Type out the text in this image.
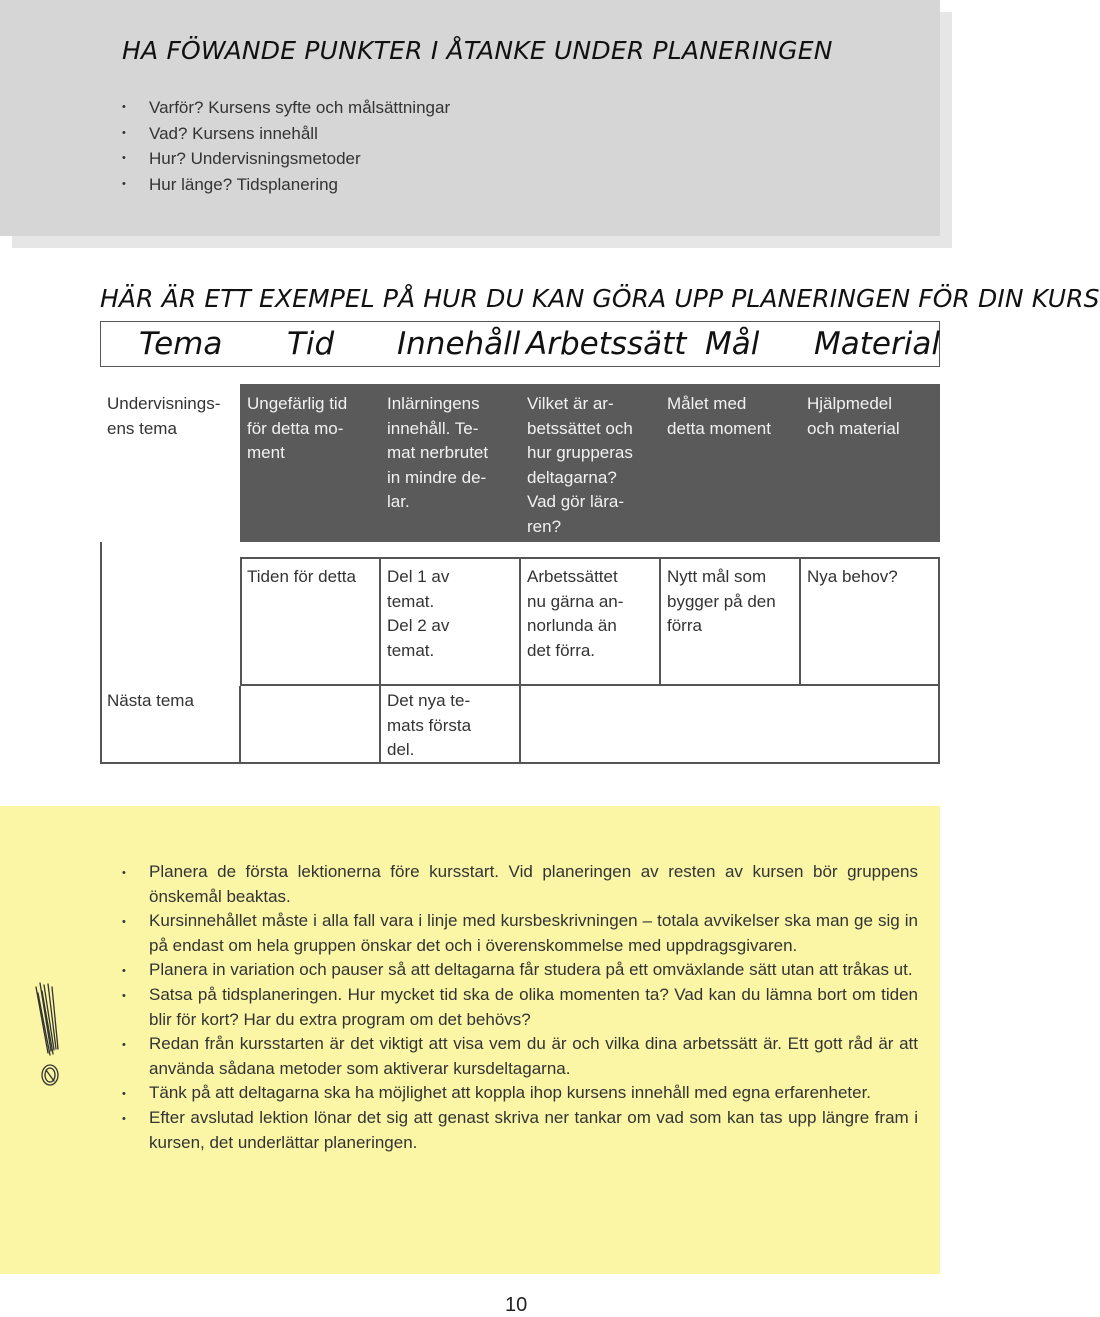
HA FÖWANDE PUNKTER I ÅTANKE UNDER PLANERINGEN
• Varför? Kursens syfte och målsättningar
• Vad? Kursens innehåll
• Hur? Undervisningsmetoder
• Hur länge? Tidsplanering
HÄR ÄR ETT EXEMPEL PÅ HUR DU KAN GÖRA UPP PLANERINGEN FÖR DIN KURS
Tema Tid Innehåll Arbetssätt Mål Material
Undervisnings-
ens tema
Ungefärlig tid
för detta mo-
ment
Inlärningens
innehåll. Te-
mat nerbrutet
in mindre de-
lar.
Vilket är ar-
betssättet och
hur grupperas
deltagarna?
Vad gör lära-
ren?
Målet med
detta moment
Hjälpmedel
och material
Tiden för detta	Del 1 av
temat.
Del 2 av
temat.
Arbetssättet
nu gärna an-
norlunda än
det förra.
Nytt mål som
bygger på den
förra
Nya behov?
Nästa tema	Det nya te-
mats första
del.
• Planera de första lektionerna före kursstart. Vid planeringen av resten av kursen bör gruppens önskemål beaktas.
• Kursinnehållet måste i alla fall vara i linje med kursbeskrivningen – totala avvikelser ska man ge sig in på endast om hela gruppen önskar det och i överenskommelse med uppdragsgivaren.
• Planera in variation och pauser så att deltagarna får studera på ett omväxlande sätt utan att tråkas ut.
• Satsa på tidsplaneringen. Hur mycket tid ska de olika momenten ta? Vad kan du lämna bort om tiden blir för kort? Har du extra program om det behövs?
• Redan från kursstarten är det viktigt att visa vem du är och vilka dina arbetssätt är. Ett gott råd är att använda sådana metoder som aktiverar kursdeltagarna.
• Tänk på att deltagarna ska ha möjlighet att koppla ihop kursens innehåll med egna erfarenheter.
• Efter avslutad lektion lönar det sig att genast skriva ner tankar om vad som kan tas upp längre fram i kursen, det underlättar planeringen.
10
